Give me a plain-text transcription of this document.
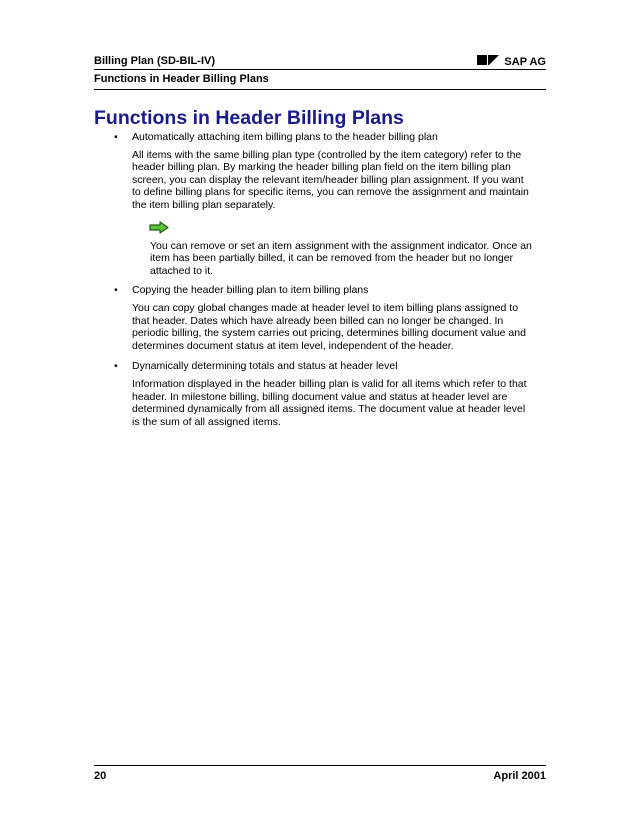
Billing Plan (SD-BIL-IV)	SAP AG
Functions in Header Billing Plans
Functions in Header Billing Plans
• Automatically attaching item billing plans to the header billing plan
All items with the same billing plan type (controlled by the item category) refer to the header billing plan. By marking the header billing plan field on the item billing plan screen, you can display the relevant item/header billing plan assignment. If you want to define billing plans for specific items, you can remove the assignment and maintain the item billing plan separately.
You can remove or set an item assignment with the assignment indicator. Once an item has been partially billed, it can be removed from the header but no longer attached to it.
• Copying the header billing plan to item billing plans
You can copy global changes made at header level to item billing plans assigned to that header. Dates which have already been billed can no longer be changed. In periodic billing, the system carries out pricing, determines billing document value and determines document status at item level, independent of the header.
• Dynamically determining totals and status at header level
Information displayed in the header billing plan is valid for all items which refer to that header. In milestone billing, billing document value and status at header level are determined dynamically from all assigned items. The document value at header level is the sum of all assigned items.
20	April 2001
